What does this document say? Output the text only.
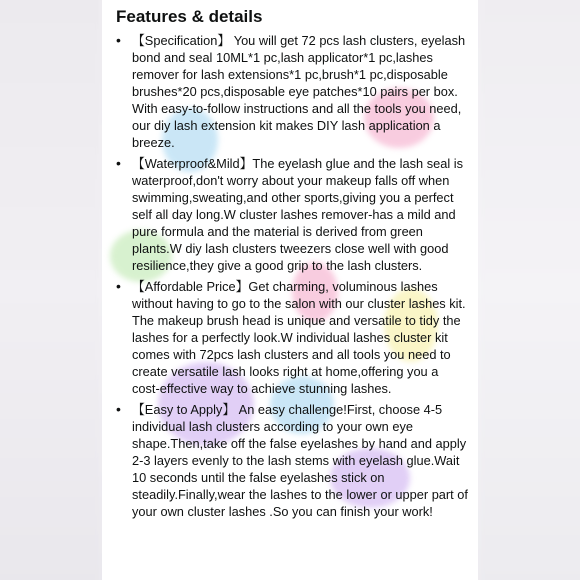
Features & details
• 【Specification】 You will get 72 pcs lash clusters, eyelash bond and seal 10ML*1 pc,lash applicator*1 pc,lashes remover for lash extensions*1 pc,brush*1 pc,disposable brushes*20 pcs,disposable eye patches*10 pairs per box. With easy-to-follow instructions and all the tools you need, our diy lash extension kit makes DIY lash application a breeze.
• 【Waterproof&Mild】The eyelash glue and the lash seal is waterproof,don't worry about your makeup falls off when swimming,sweating,and other sports,giving you a perfect self all day long.W cluster lashes remover-has a mild and pure formula and the material is derived from green plants.W diy lash clusters tweezers close well with good resilience,they give a good grip to the lash clusters.
• 【Affordable Price】Get charming, voluminous lashes without having to go to the salon with our cluster lashes kit. The makeup brush head is unique and versatile to tidy the lashes for a perfectly look.W individual lashes cluster kit comes with 72pcs lash clusters and all tools you need to create versatile lash looks right at home,offering you a cost-effective way to achieve stunning lashes.
• 【Easy to Apply】 An easy challenge!First, choose 4-5 individual lash clusters according to your own eye shape.Then,take off the false eyelashes by hand and apply 2-3 layers evenly to the lash stems with eyelash glue.Wait 10 seconds until the false eyelashes stick on steadily.Finally,wear the lashes to the lower or upper part of your own cluster lashes .So you can finish your work!
